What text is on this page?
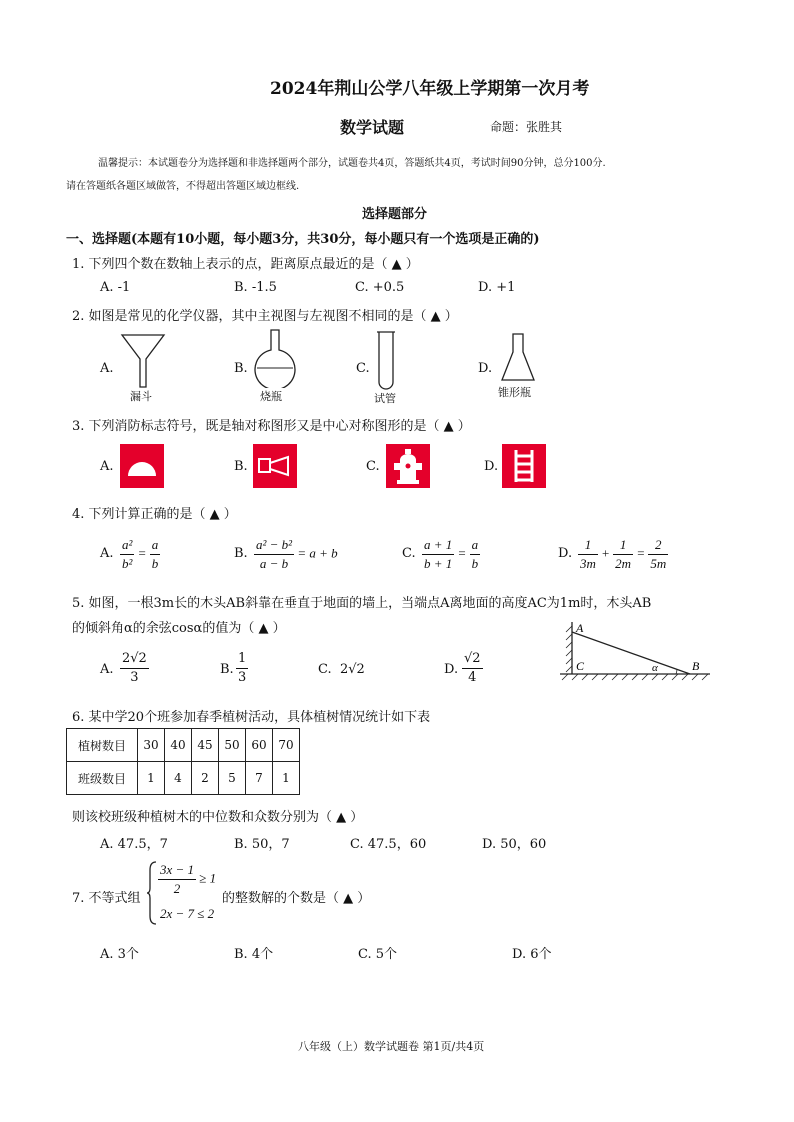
2024年荆山公学八年级上学期第一次月考
数学试题	命题：张胜其
温馨提示：本试题卷分为选择题和非选择题两个部分，试题卷共4页，答题纸共4页，考试时间90分钟，总分100分.
请在答题纸各题区域做答，不得超出答题区域边框线.
选择题部分
一、选择题(本题有10小题，每小题3分，共30分，每小题只有一个选项是正确的)
1. 下列四个数在数轴上表示的点，距离原点最近的是（ ▲ ）
A. -1	B. -1.5	C. +0.5	D. +1
2. 如图是常见的化学仪器，其中主视图与左视图不相同的是（ ▲ ）
A.
漏斗
B.
烧瓶
C.
试管
D.
锥形瓶
3. 下列消防标志符号，既是轴对称图形又是中心对称图形的是（ ▲ ）
A.	B.	C.	D.
4. 下列计算正确的是（ ▲ ）
A. $\frac{\text{a²}}{\text{b²}} = \frac{a}{b}$	B. $\frac{\text{a² − b²}}{a - b} = a + b$	C. $\frac{a + 1}{b + 1} = \frac{a}{b}$	D. $\frac{1}{3m} + \frac{1}{2m} = \frac{2}{5m}$
5. 如图，一根3m长的木头AB斜靠在垂直于地面的墙上，当端点A离地面的高度AC为1m时，木头AB
的倾斜角α的余弦cosα的值为（ ▲ ）
A. $\frac{2√2}{3}$	B. $\frac{1}{3}$	C. 2√2	D. $\frac{√2}{4}$
A
C	B
α
6. 某中学20个班参加春季植树活动，具体植树情况统计如下表
植树数目	30	40	45	50	60	70
班级数目	1	4	2	5	7	1
则该校班级种植树木的中位数和众数分别为（ ▲ ）
A. 47.5，7	B. 50，7	C. 47.5，60	D. 50，60
7. 不等式组
$\frac{3x - 1}{2} \ge 1$
2x − 7 ≤ 2
的整数解的个数是（ ▲ ）
A. 3个	B. 4个	C. 5个	D. 6个
八年级（上）数学试题卷 第1页/共4页
